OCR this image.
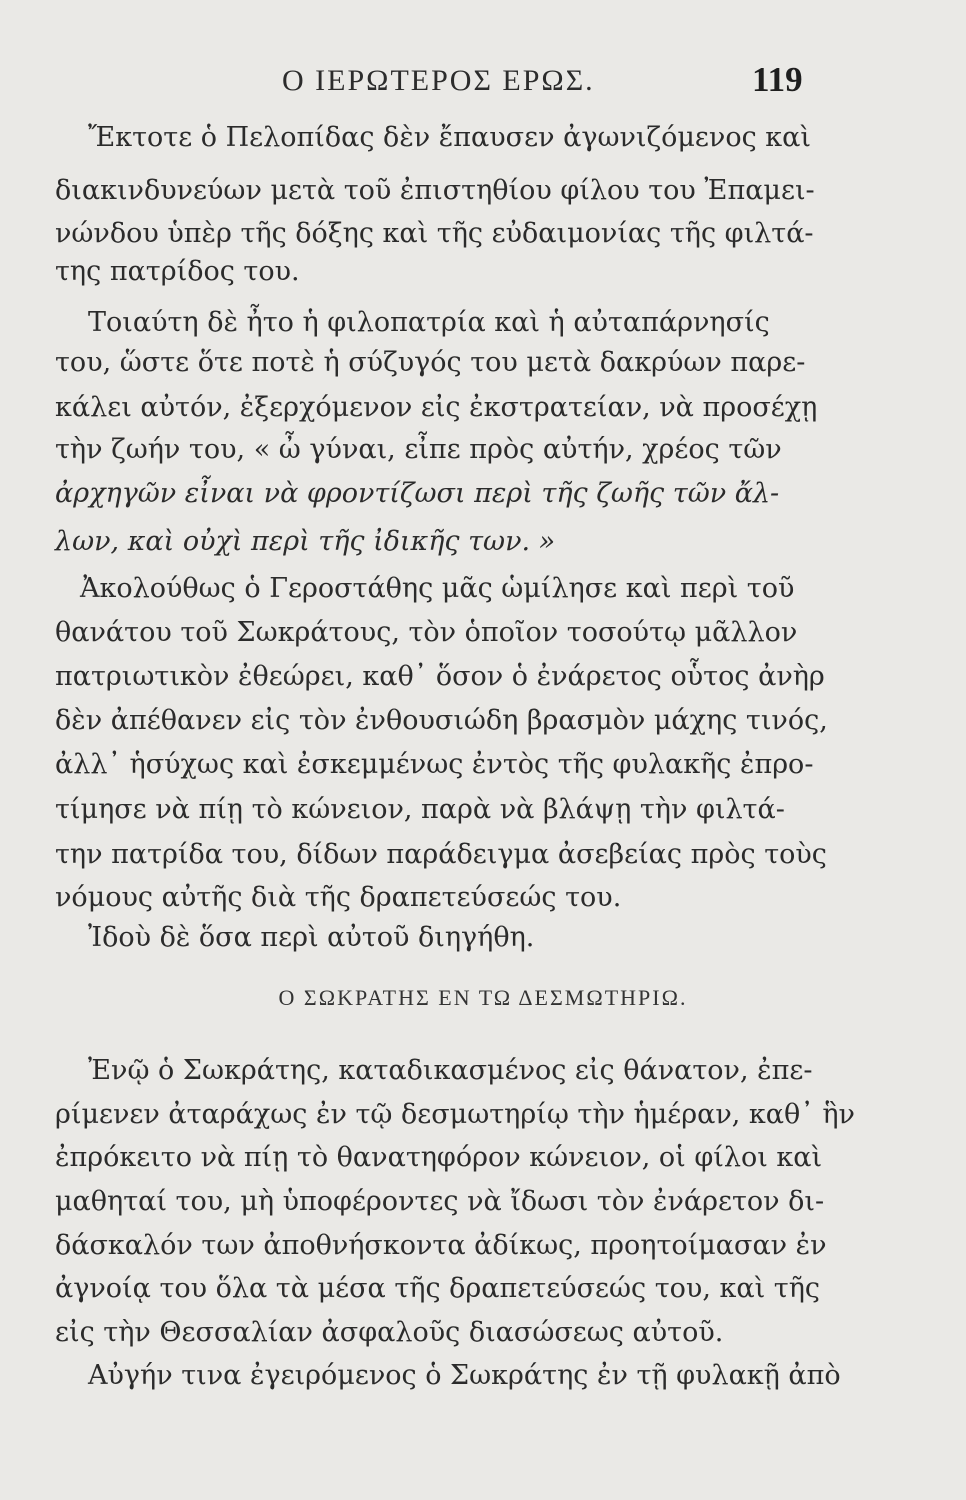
Ο ΙΕΡΩΤΕΡΟΣ ΕΡΩΣ.	119
Ἔκτοτε ὁ Πελοπίδας δὲν ἔπαυσεν ἀγωνιζόμενος καὶ
διακινδυνεύων μετὰ τοῦ ἐπιστηθίου φίλου του Ἐπαμει-
νώνδου ὑπὲρ τῆς δόξης καὶ τῆς εὐδαιμονίας τῆς φιλτά-
της πατρίδος του.
Τοιαύτη δὲ ἦτο ἡ φιλοπατρία καὶ ἡ αὐταπάρνησίς
του, ὥστε ὅτε ποτὲ ἡ σύζυγός του μετὰ δακρύων παρε-
κάλει αὐτόν, ἐξερχόμενον εἰς ἐκστρατείαν, νὰ προσέχῃ
τὴν ζωήν του, « ὦ γύναι, εἶπε πρὸς αὐτήν, χρέος τῶν
ἀρχηγῶν εἶναι νὰ φροντίζωσι περὶ τῆς ζωῆς τῶν ἄλ-
λων, καὶ οὐχὶ περὶ τῆς ἰδικῆς των. »
Ἀκολούθως ὁ Γεροστάθης μᾶς ὡμίλησε καὶ περὶ τοῦ
θανάτου τοῦ Σωκράτους, τὸν ὁποῖον τοσούτῳ μᾶλλον
πατριωτικὸν ἐθεώρει, καθ᾽ ὅσον ὁ ἐνάρετος οὗτος ἀνὴρ
δὲν ἀπέθανεν εἰς τὸν ἐνθουσιώδη βρασμὸν μάχης τινός,
ἀλλ᾽ ἡσύχως καὶ ἐσκεμμένως ἐντὸς τῆς φυλακῆς ἐπρο-
τίμησε νὰ πίῃ τὸ κώνειον, παρὰ νὰ βλάψῃ τὴν φιλτά-
την πατρίδα του, δίδων παράδειγμα ἀσεβείας πρὸς τοὺς
νόμους αὐτῆς διὰ τῆς δραπετεύσεώς του.
Ἰδοὺ δὲ ὅσα περὶ αὐτοῦ διηγήθη.
Ο ΣΩΚΡΑΤΗΣ ΕΝ ΤΩ ΔΕΣΜΩΤΗΡΙΩ.
Ἐνῷ ὁ Σωκράτης, καταδικασμένος εἰς θάνατον, ἐπε-
ρίμενεν ἀταράχως ἐν τῷ δεσμωτηρίῳ τὴν ἡμέραν, καθ᾽ ἣν
ἐπρόκειτο νὰ πίῃ τὸ θανατηφόρον κώνειον, οἱ φίλοι καὶ
μαθηταί του, μὴ ὑποφέροντες νὰ ἴδωσι τὸν ἐνάρετον δι-
δάσκαλόν των ἀποθνήσκοντα ἀδίκως, προητοίμασαν ἐν
ἀγνοίᾳ του ὅλα τὰ μέσα τῆς δραπετεύσεώς του, καὶ τῆς
εἰς τὴν Θεσσαλίαν ἀσφαλοῦς διασώσεως αὐτοῦ.
Αὐγήν τινα ἐγειρόμενος ὁ Σωκράτης ἐν τῇ φυλακῇ ἀπὸ
